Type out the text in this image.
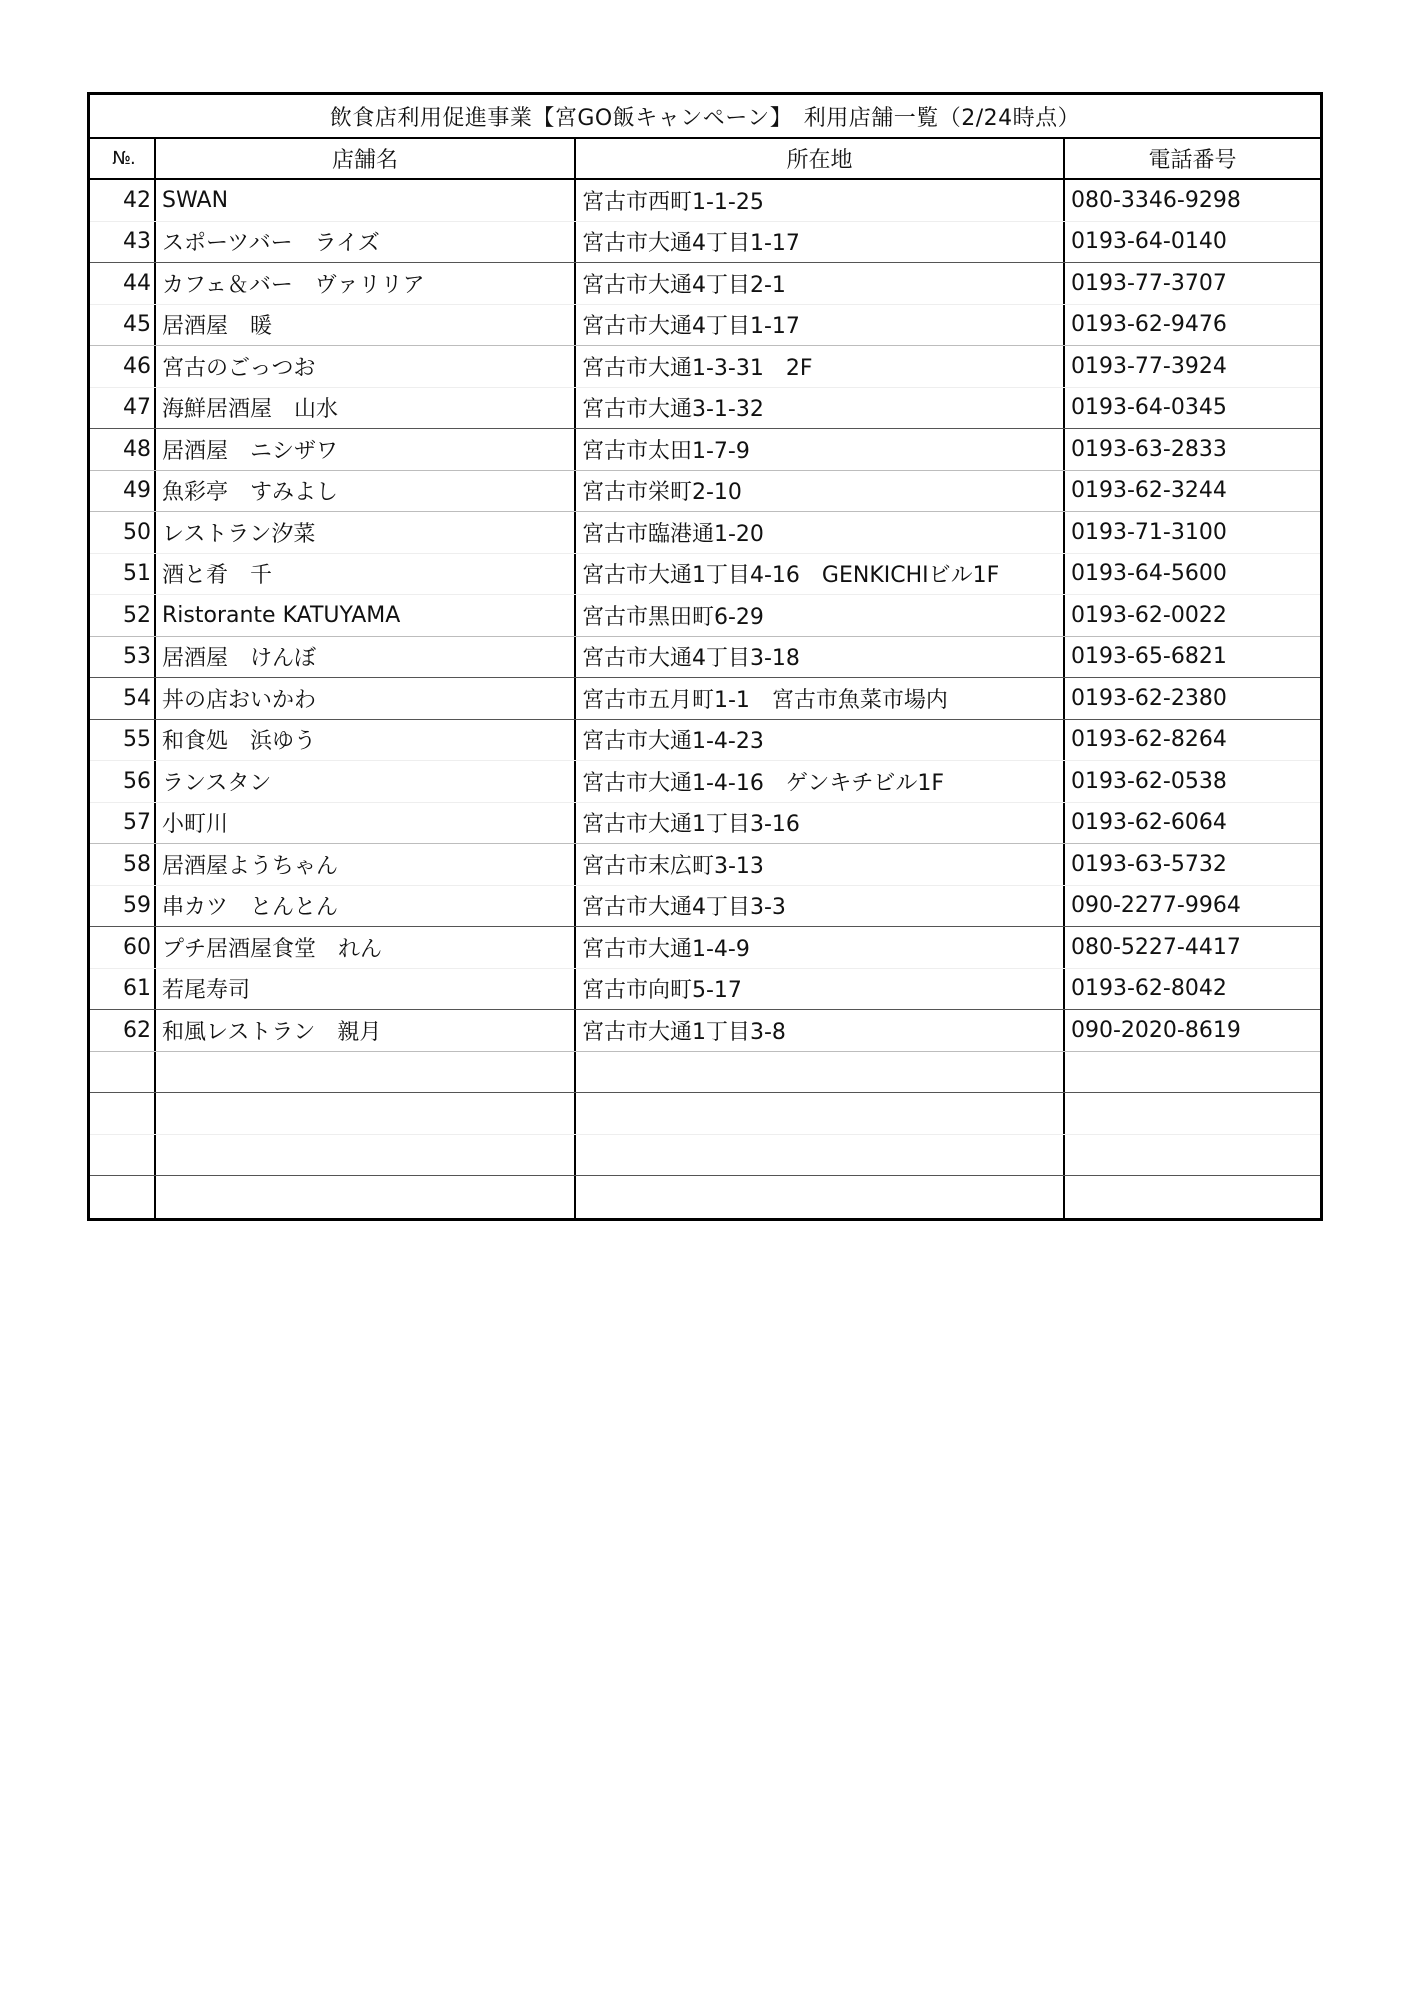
飲食店利用促進事業【宮GO飯キャンペーン】　利用店舗一覧（2/24時点）
№.	店舗名	所在地	電話番号
42 SWAN	宮古市西町1-1-25	080-3346-9298
43 スポーツバー　ライズ	宮古市大通4丁目1-17	0193-64-0140
44 カフェ＆バー　ヴァリリア	宮古市大通4丁目2-1	0193-77-3707
45 居酒屋　暖	宮古市大通4丁目1-17	0193-62-9476
46 宮古のごっつお	宮古市大通1-3-31　2F	0193-77-3924
47 海鮮居酒屋　山水	宮古市大通3-1-32	0193-64-0345
48 居酒屋　ニシザワ	宮古市太田1-7-9	0193-63-2833
49 魚彩亭　すみよし	宮古市栄町2-10	0193-62-3244
50 レストラン汐菜	宮古市臨港通1-20	0193-71-3100
51 酒と肴　千	宮古市大通1丁目4-16　GENKICHIビル1F	0193-64-5600
52 Ristorante KATUYAMA	宮古市黒田町6-29	0193-62-0022
53 居酒屋　けんぼ	宮古市大通4丁目3-18	0193-65-6821
54 丼の店おいかわ	宮古市五月町1-1　宮古市魚菜市場内	0193-62-2380
55 和食処　浜ゆう	宮古市大通1-4-23	0193-62-8264
56 ランスタン	宮古市大通1-4-16　ゲンキチビル1F	0193-62-0538
57 小町川	宮古市大通1丁目3-16	0193-62-6064
58 居酒屋ようちゃん	宮古市末広町3-13	0193-63-5732
59 串カツ　とんとん	宮古市大通4丁目3-3	090-2277-9964
60 プチ居酒屋食堂　れん	宮古市大通1-4-9	080-5227-4417
61 若尾寿司	宮古市向町5-17	0193-62-8042
62 和風レストラン　親月	宮古市大通1丁目3-8	090-2020-8619
